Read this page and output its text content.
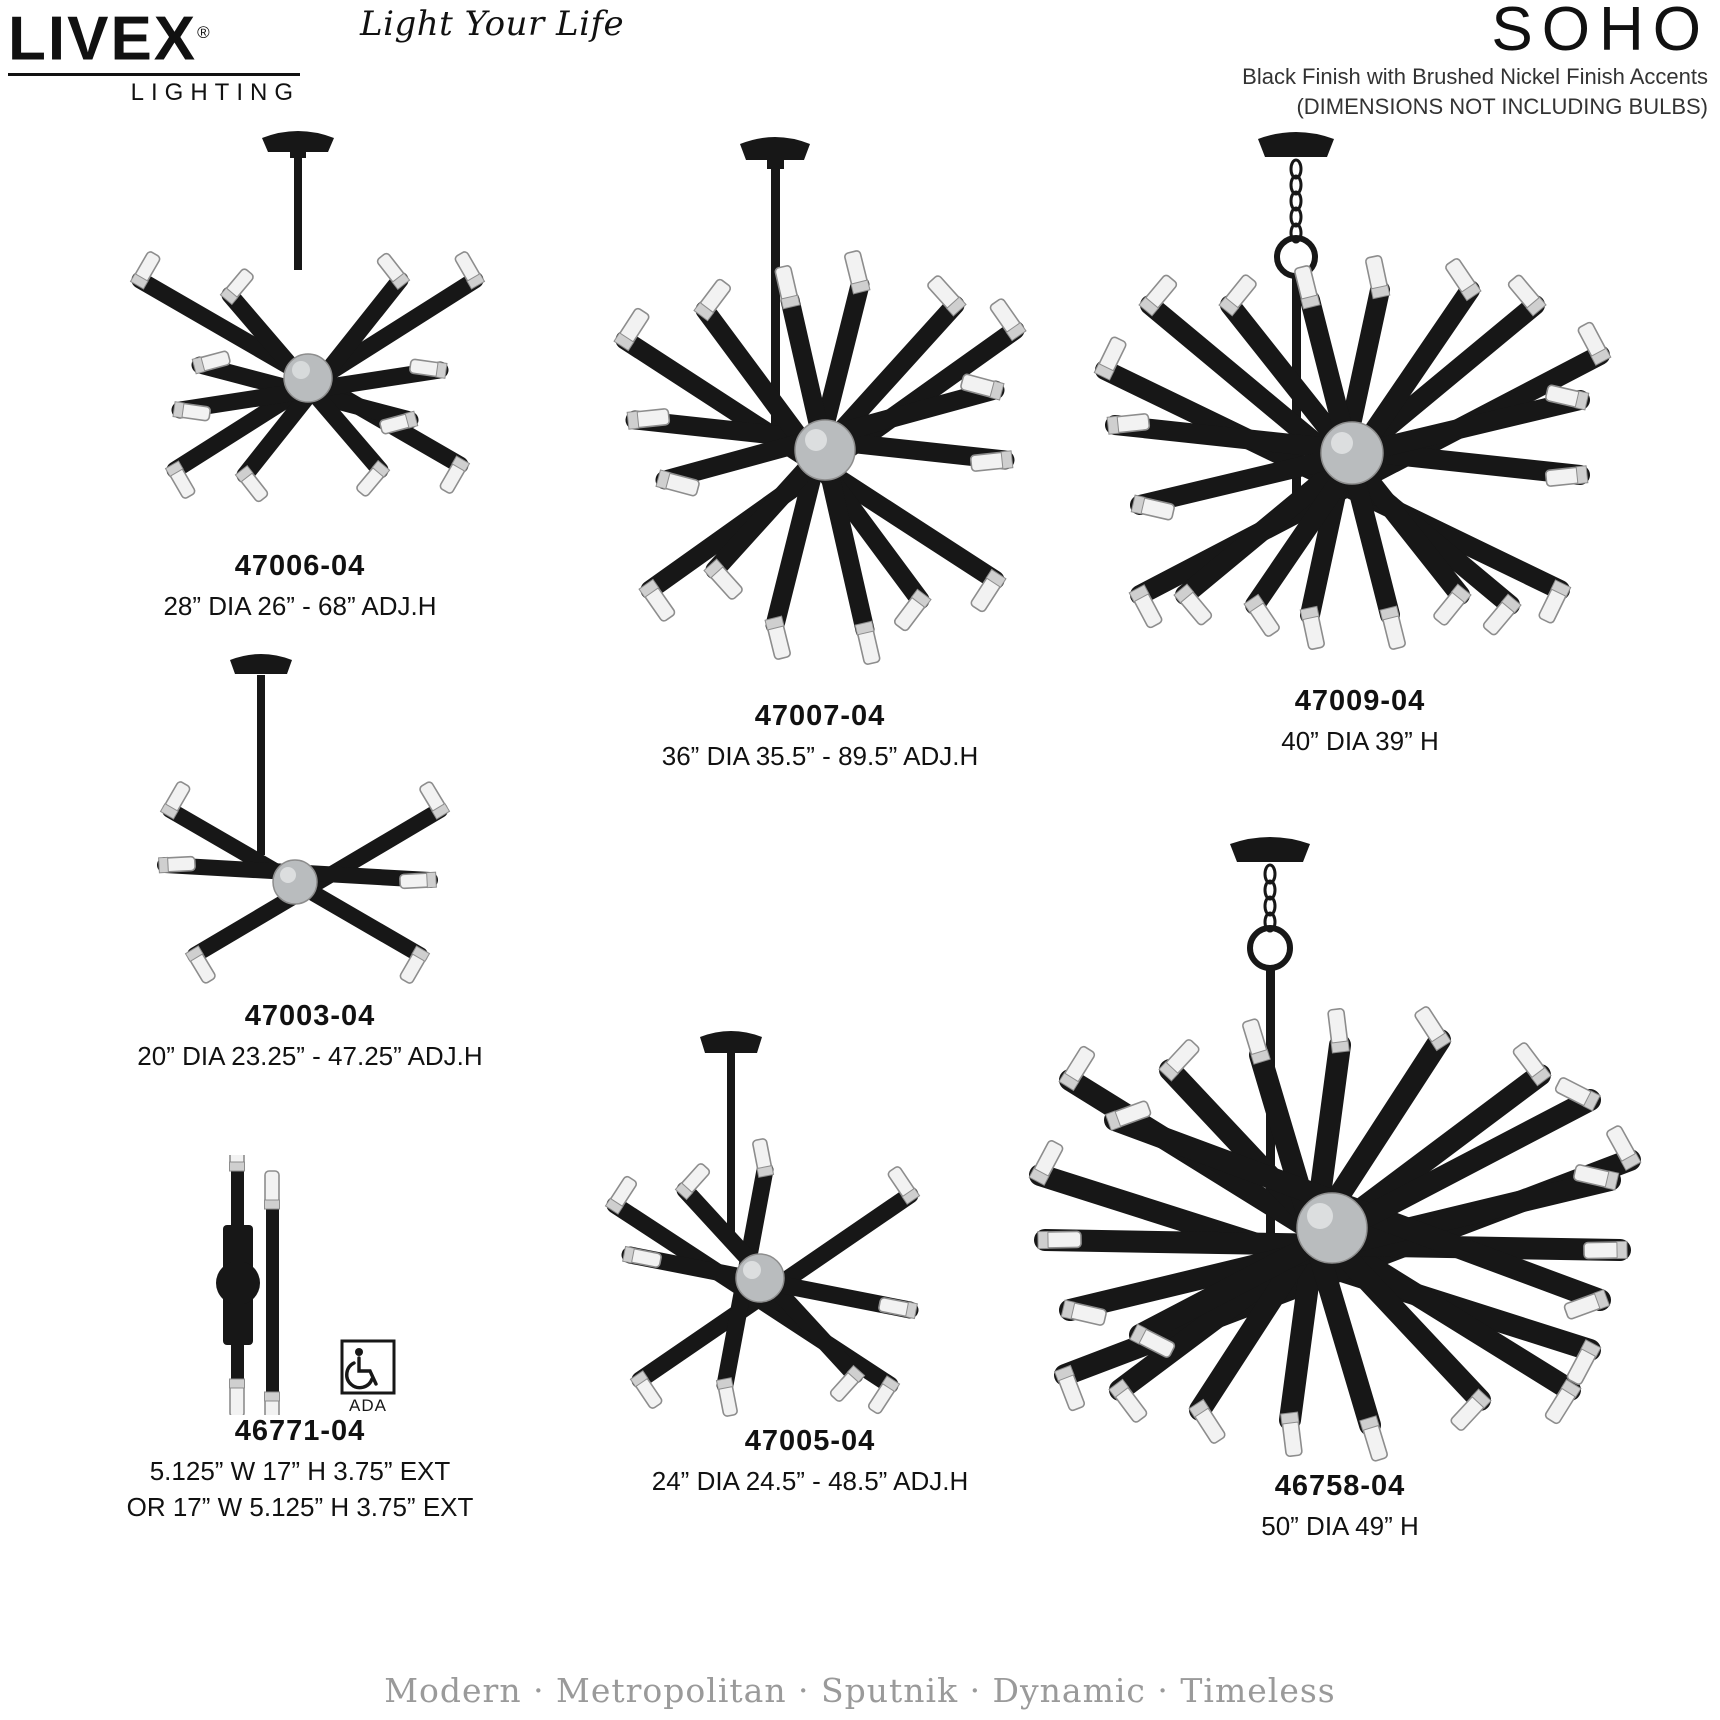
LIVEX®
LIGHTING
Light Your Life	SOHO
Black Finish with Brushed Nickel Finish Accents
(DIMENSIONS NOT INCLUDING BULBS)
47006-04
28” DIA 26” - 68” ADJ.H
47007-04
36” DIA 35.5” - 89.5” ADJ.H
47009-04
40” DIA 39” H
47003-04
20” DIA 23.25” - 47.25” ADJ.H
ADA
46771-04
5.125” W 17” H 3.75” EXT
OR 17” W 5.125” H 3.75” EXT
47005-04
24” DIA 24.5” - 48.5” ADJ.H	46758-04
50” DIA 49” H
Modern · Metropolitan · Sputnik · Dynamic · Timeless
